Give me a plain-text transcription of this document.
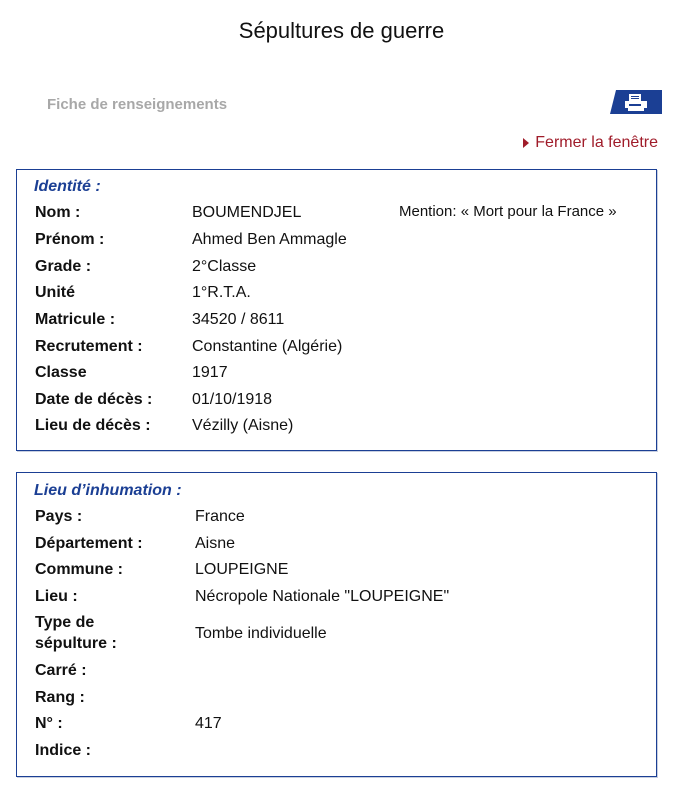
Sépultures de guerre
Fiche de renseignements
Fermer la fenêtre
Identité :
Mention: « Mort pour la France »
Nom :	BOUMENDJEL
Prénom :	Ahmed Ben Ammagle
Grade :	2°Classe
Unité	1°R.T.A.
Matricule :	34520 / 8611
Recrutement :	Constantine (Algérie)
Classe	1917
Date de décès : 01/10/1918
Lieu de décès :	Vézilly (Aisne)
Lieu d’inhumation :
Pays :	France
Département :	Aisne
Commune :	LOUPEIGNE
Lieu :	Nécropole Nationale "LOUPEIGNE"
Type de
sépulture :
Tombe individuelle
Carré :
Rang :
N° :	417
Indice :
